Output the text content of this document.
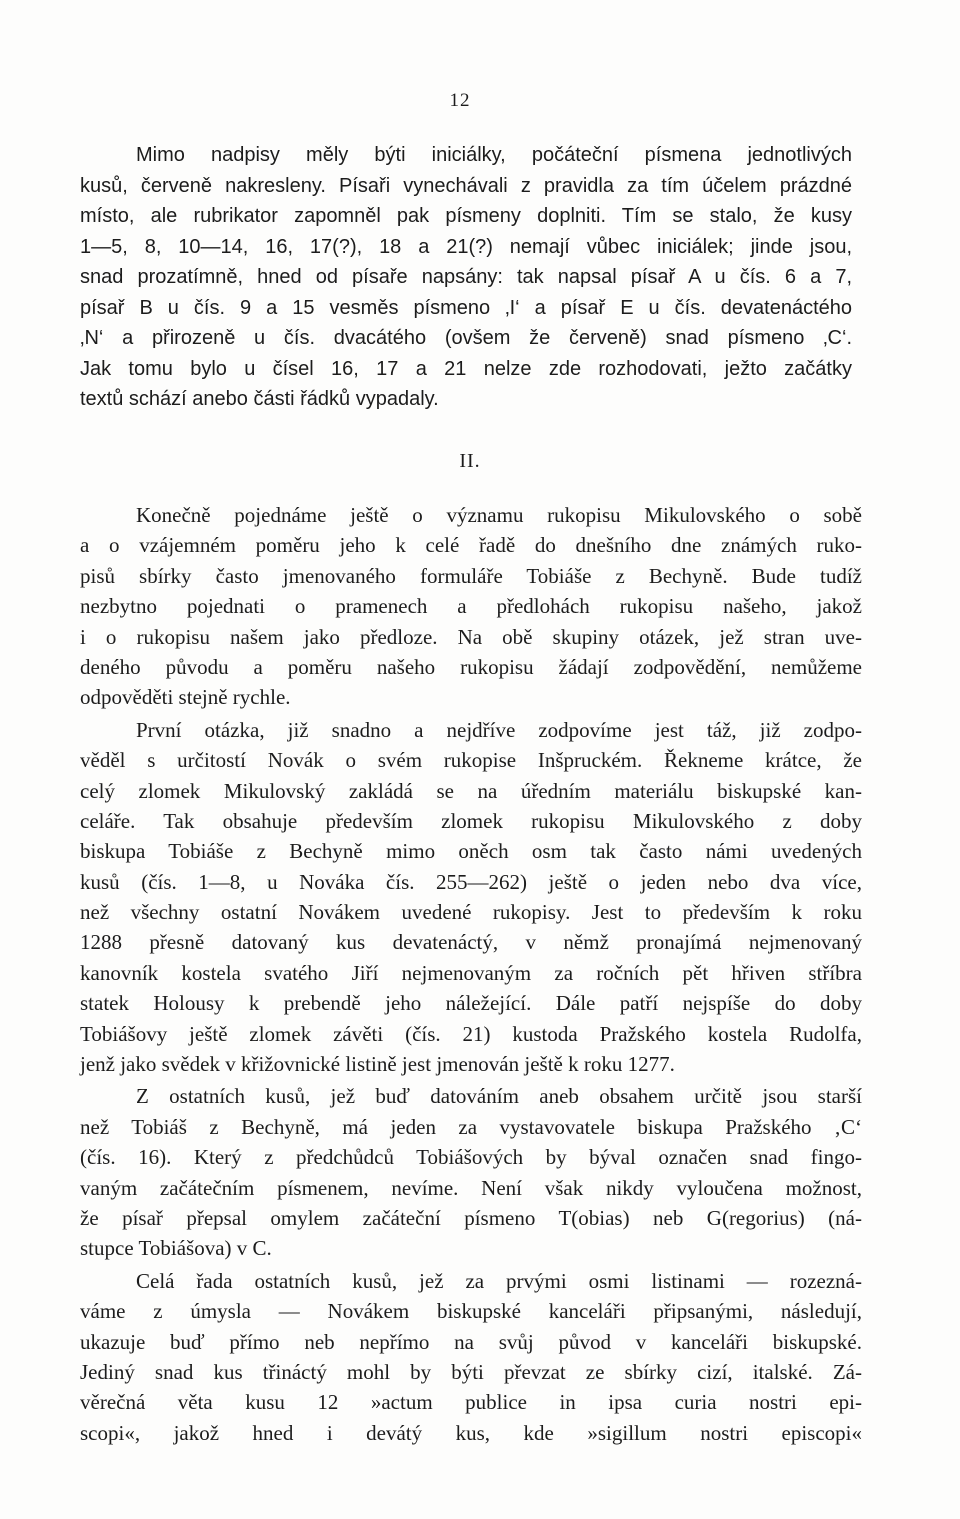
12
Mimo nadpisy měly býti iniciálky, počáteční písmena jednotlivých
kusů, červeně nakresleny. Písaři vynechávali z pravidla za tím účelem prázdné
místo, ale rubrikator zapomněl pak písmeny doplniti. Tím se stalo, že kusy
1—5, 8, 10—14, 16, 17(?), 18 a 21(?) nemají vůbec iniciálek; jinde jsou,
snad prozatímně, hned od písaře napsány: tak napsal písař A u čís. 6 a 7,
písař B u čís. 9 a 15 vesměs písmeno ‚I‘ a písař E u čís. devatenáctého
‚N‘ a přirozeně u čís. dvacátého (ovšem že červeně) snad písmeno ‚C‘.
Jak tomu bylo u čísel 16, 17 a 21 nelze zde rozhodovati, ježto začátky
textů schází anebo části řádků vypadaly.
II.
Konečně pojednáme ještě o významu rukopisu Mikulovského o sobě
a o vzájemném poměru jeho k celé řadě do dnešního dne známých ruko-
pisů sbírky často jmenovaného formuláře Tobiáše z Bechyně. Bude tudíž
nezbytno pojednati o pramenech a předlohách rukopisu našeho, jakož
i o rukopisu našem jako předloze. Na obě skupiny otázek, jež stran uve-
deného původu a poměru našeho rukopisu žádají zodpovědění, nemůžeme
odpověděti stejně rychle.
První otázka, již snadno a nejdříve zodpovíme jest táž, již zodpo-
věděl s určitostí Novák o svém rukopise Inšpruckém. Řekneme krátce, že
celý zlomek Mikulovský zakládá se na úředním materiálu biskupské kan-
celáře. Tak obsahuje především zlomek rukopisu Mikulovského z doby
biskupa Tobiáše z Bechyně mimo oněch osm tak často námi uvedených
kusů (čís. 1—8, u Nováka čís. 255—262) ještě o jeden nebo dva více,
než všechny ostatní Novákem uvedené rukopisy. Jest to především k roku
1288 přesně datovaný kus devatenáctý, v němž pronajímá nejmenovaný
kanovník kostela svatého Jiří nejmenovaným za ročních pět hřiven stříbra
statek Holousy k prebendě jeho náležející. Dále patří nejspíše do doby
Tobiášovy ještě zlomek závěti (čís. 21) kustoda Pražského kostela Rudolfa,
jenž jako svědek v křižovnické listině jest jmenován ještě k roku 1277.
Z ostatních kusů, jež buď datováním aneb obsahem určitě jsou starší
než Tobiáš z Bechyně, má jeden za vystavovatele biskupa Pražského ‚C‘
(čís. 16). Který z předchůdců Tobiášových by býval označen snad fingo-
vaným začátečním písmenem, nevíme. Není však nikdy vyloučena možnost,
že písař přepsal omylem začáteční písmeno T(obias) neb G(regorius) (ná-
stupce Tobiášova) v C.
Celá řada ostatních kusů, jež za prvými osmi listinami — rozezná-
váme z úmysla — Novákem biskupské kanceláři připsanými, následují,
ukazuje buď přímo neb nepřímo na svůj původ v kanceláři biskupské.
Jediný snad kus třináctý mohl by býti převzat ze sbírky cizí, italské. Zá-
věrečná věta kusu 12 »actum publice in ipsa curia nostri epi-
scopi«, jakož hned i devátý kus, kde »sigillum nostri episcopi«
